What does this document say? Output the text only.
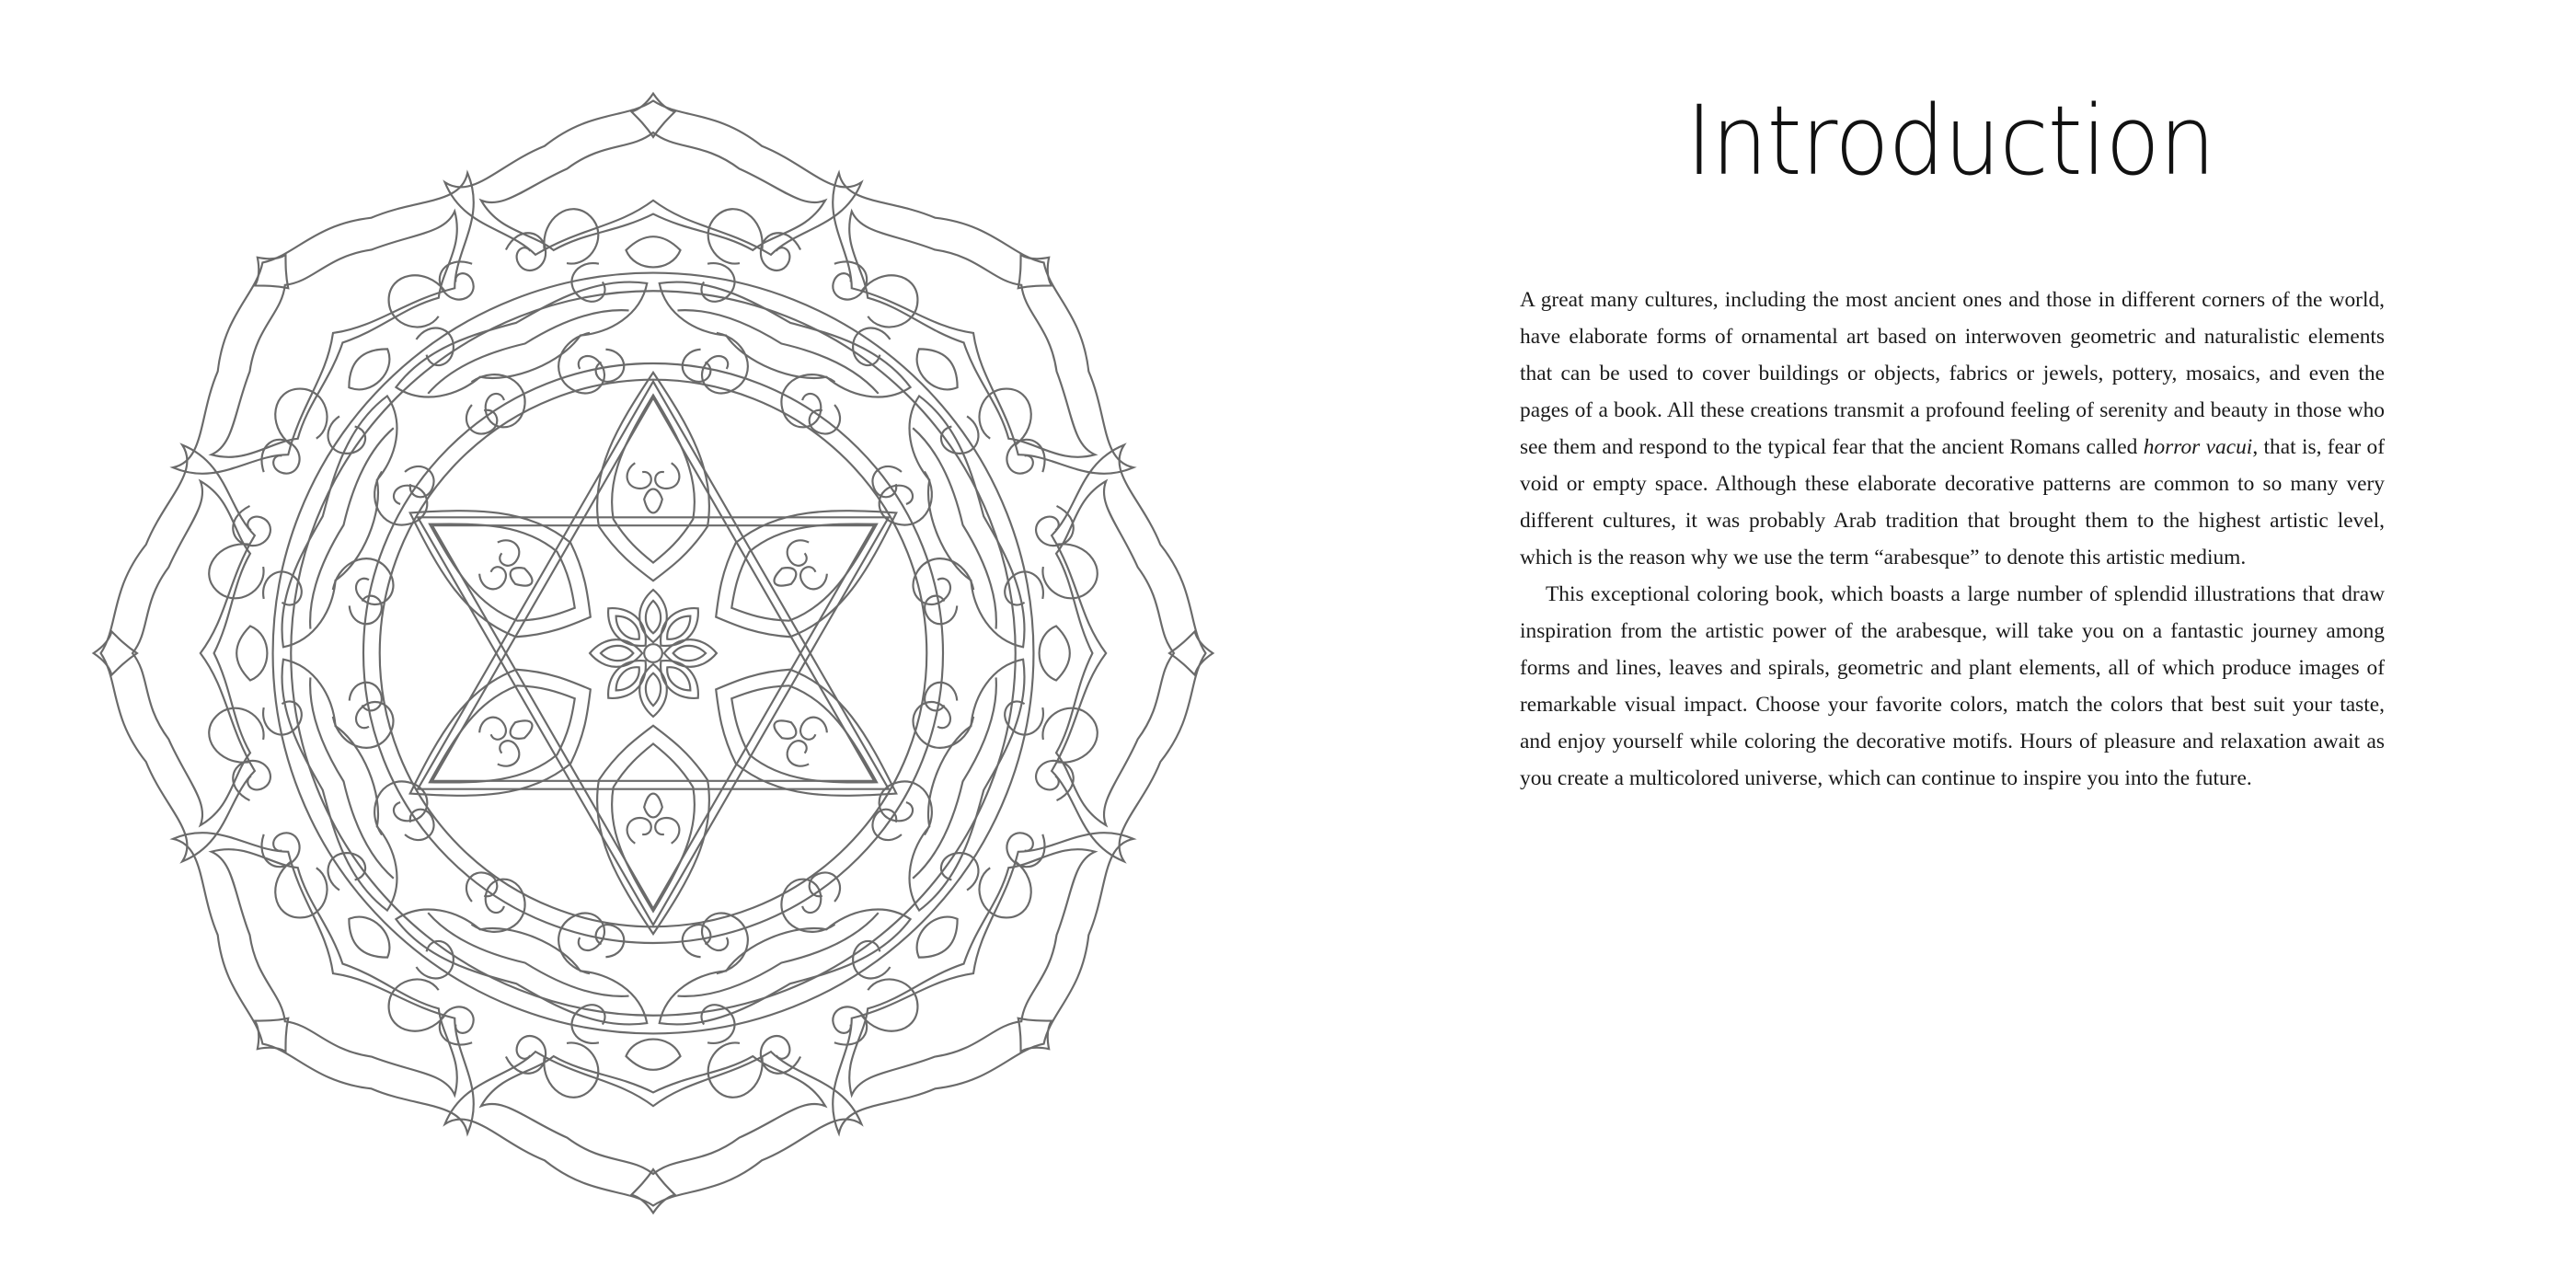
Introduction

A great many cultures, including the most ancient ones and those in different corners of the world, have elaborate forms of ornamental art based on interwoven geometric and naturalistic elements that can be used to cover buildings or objects, fabrics or jewels, pottery, mosaics, and even the pages of a book. All these creations transmit a profound feeling of serenity and beauty in those who see them and respond to the typical fear that the ancient Romans called horror vacui, that is, fear of void or empty space. Although these elaborate decorative patterns are common to so many very different cultures, it was probably Arab tradition that brought them to the highest artistic level, which is the reason why we use the term “arabesque” to denote this artistic medium.

This exceptional coloring book, which boasts a large number of splendid illustrations that draw inspiration from the artistic power of the arabesque, will take you on a fantastic journey among forms and lines, leaves and spirals, geometric and plant elements, all of which produce images of remarkable visual impact. Choose your favorite colors, match the colors that best suit your taste, and enjoy yourself while coloring the decorative motifs. Hours of pleasure and relaxation await as you create a multicolored universe, which can continue to inspire you into the future.
